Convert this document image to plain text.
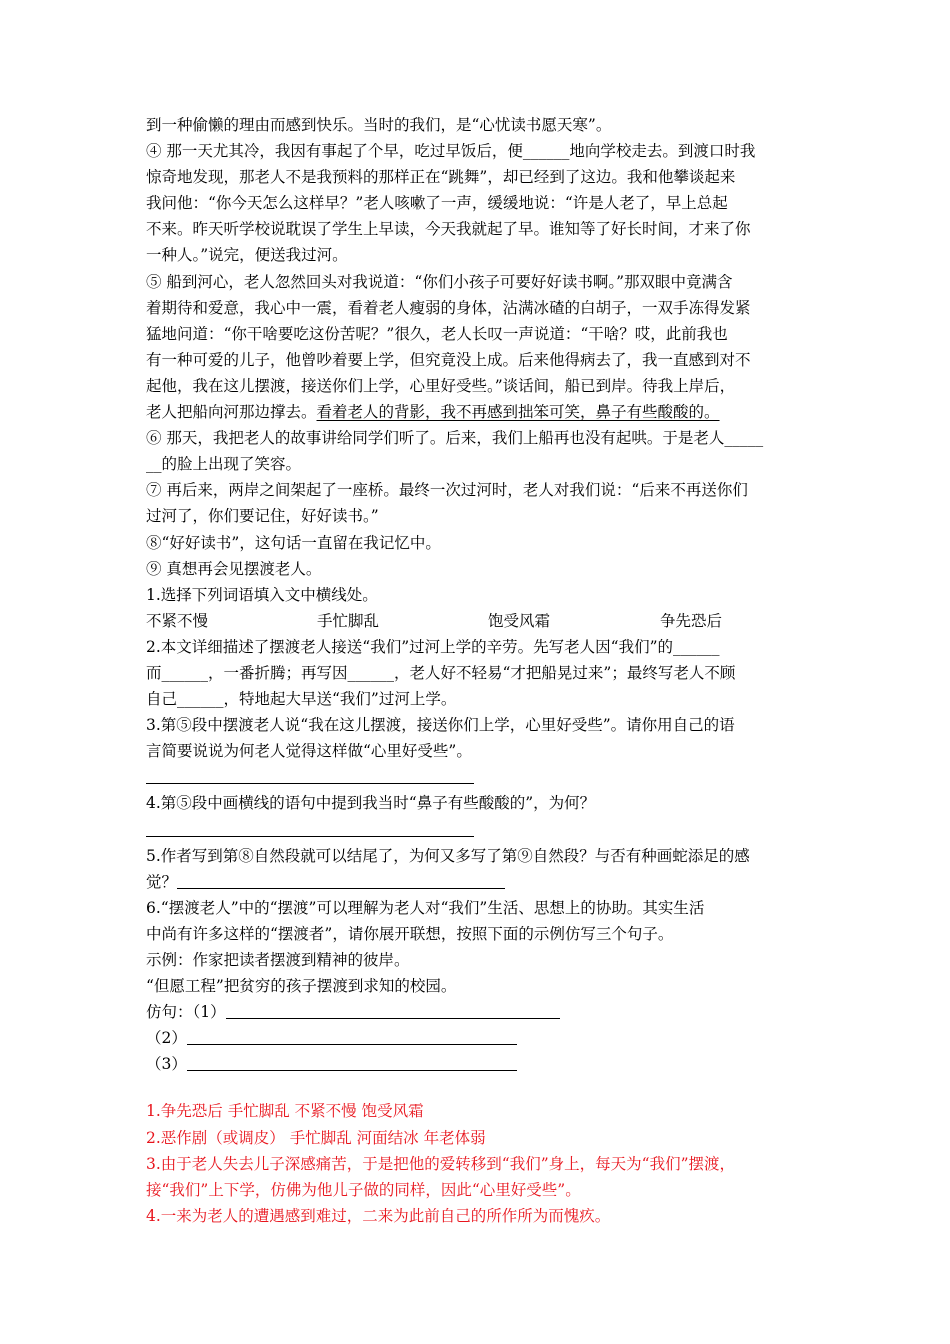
到一种偷懒的理由而感到快乐。当时的我们，是“心忧读书愿天寒”。
④ 那一天尤其冷，我因有事起了个早，吃过早饭后，便______地向学校走去。到渡口时我
惊奇地发现，那老人不是我预料的那样正在“跳舞”，却已经到了这边。我和他攀谈起来
我问他：“你今天怎么这样早？”老人咳嗽了一声，缓缓地说：“许是人老了，早上总起
不来。昨天听学校说耽误了学生上早读，今天我就起了早。谁知等了好长时间，才来了你
一种人。”说完，便送我过河。
⑤ 船到河心，老人忽然回头对我说道：“你们小孩子可要好好读书啊。”那双眼中竟满含
着期待和爱意，我心中一震，看着老人瘦弱的身体，沾满冰碴的白胡子，一双手冻得发紧
猛地问道：“你干啥要吃这份苦呢？”很久，老人长叹一声说道：“干啥？哎，此前我也
有一种可爱的儿子，他曾吵着要上学，但究竟没上成。后来他得病去了，我一直感到对不
起他，我在这儿摆渡，接送你们上学，心里好受些。”谈话间，船已到岸。待我上岸后，
老人把船向河那边撑去。看着老人的背影，我不再感到拙笨可笑，鼻子有些酸酸的。
⑥ 那天，我把老人的故事讲给同学们听了。后来，我们上船再也没有起哄。于是老人_____
__的脸上出现了笑容。
⑦ 再后来，两岸之间架起了一座桥。最终一次过河时，老人对我们说：“后来不再送你们
过河了，你们要记住，好好读书。”
⑧“好好读书”，这句话一直留在我记忆中。
⑨ 真想再会见摆渡老人。
1.选择下列词语填入文中横线处。
不紧不慢	手忙脚乱	饱受风霜	争先恐后
2.本文详细描述了摆渡老人接送“我们”过河上学的辛劳。先写老人因“我们”的______
而______，一番折腾；再写因______，老人好不轻易“才把船晃过来”；最终写老人不顾
自己______，特地起大早送“我们”过河上学。
3.第⑤段中摆渡老人说“我在这儿摆渡，接送你们上学，心里好受些”。请你用自己的语
言简要说说为何老人觉得这样做“心里好受些”。
4.第⑤段中画横线的语句中提到我当时“鼻子有些酸酸的”，为何？
5.作者写到第⑧自然段就可以结尾了，为何又多写了第⑨自然段？与否有种画蛇添足的感
觉？
6.“摆渡老人”中的“摆渡”可以理解为老人对“我们”生活、思想上的协助。其实生活
中尚有许多这样的“摆渡者”，请你展开联想，按照下面的示例仿写三个句子。
示例：作家把读者摆渡到精神的彼岸。
“但愿工程”把贫穷的孩子摆渡到求知的校园。
仿句：（1）
（2）
（3）
1.争先恐后 手忙脚乱 不紧不慢 饱受风霜
2.恶作剧（或调皮） 手忙脚乱 河面结冰 年老体弱
3.由于老人失去儿子深感痛苦，于是把他的爱转移到“我们”身上，每天为“我们”摆渡，
接“我们”上下学，仿佛为他儿子做的同样，因此“心里好受些”。
4.一来为老人的遭遇感到难过，二来为此前自己的所作所为而愧疚。
